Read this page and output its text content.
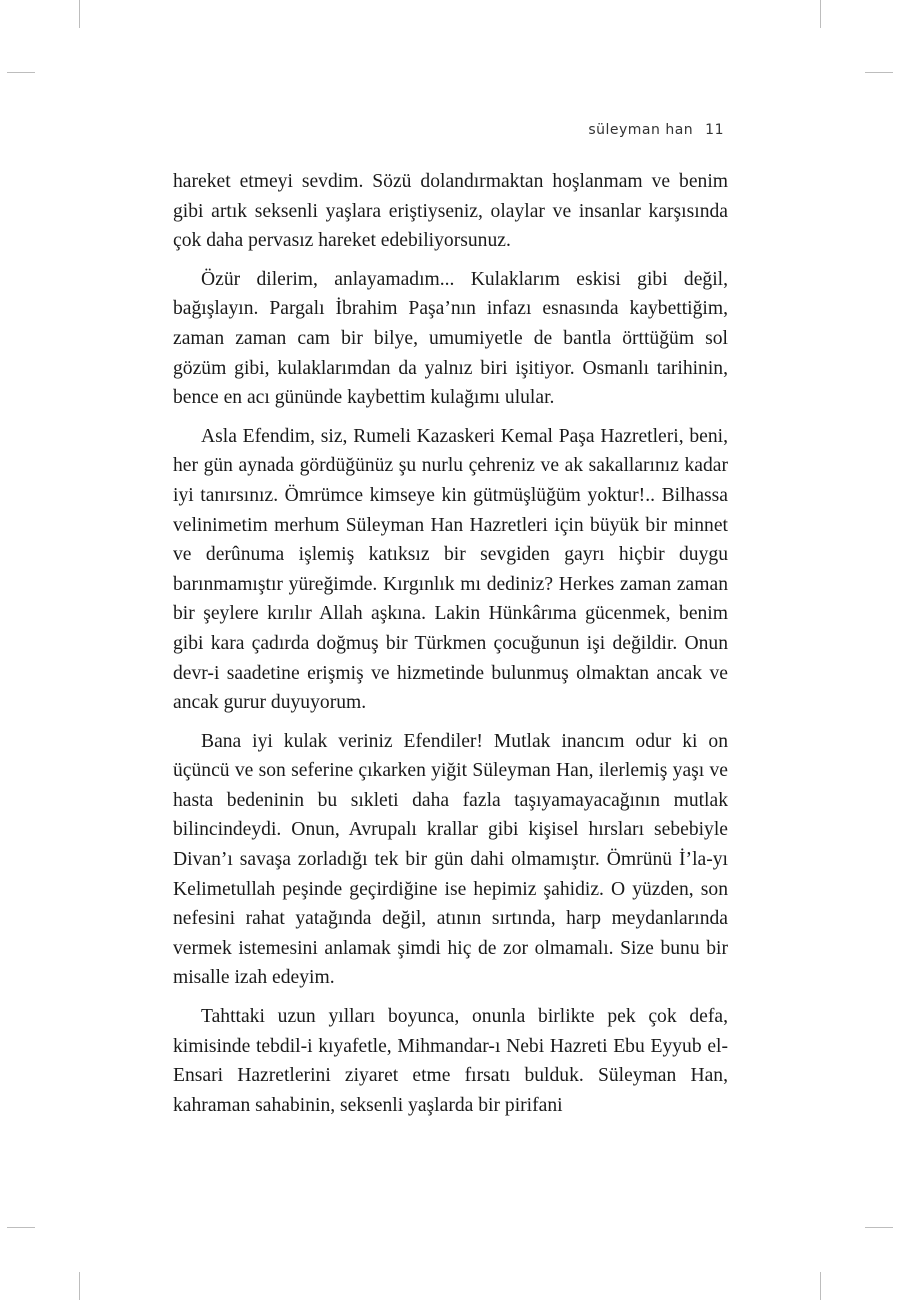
süleyman han 11

hareket etmeyi sevdim. Sözü dolandırmaktan hoşlanmam ve benim gibi artık seksenli yaşlara eriştiyseniz, olaylar ve insanlar karşısında çok daha pervasız hareket edebiliyorsunuz.

Özür dilerim, anlayamadım... Kulaklarım eskisi gibi değil, bağışlayın. Pargalı İbrahim Paşa’nın infazı esnasında kaybettiğim, zaman zaman cam bir bilye, umumiyetle de bantla örttüğüm sol gözüm gibi, kulaklarımdan da yalnız biri işitiyor. Osmanlı tarihinin, bence en acı gününde kaybettim kulağımı ulular.

Asla Efendim, siz, Rumeli Kazaskeri Kemal Paşa Hazretleri, beni, her gün aynada gördüğünüz şu nurlu çehreniz ve ak sakallarınız kadar iyi tanırsınız. Ömrümce kimseye kin gütmüşlüğüm yoktur!.. Bilhassa velinimetim merhum Süleyman Han Hazretleri için büyük bir minnet ve derûnuma işlemiş katıksız bir sevgiden gayrı hiçbir duygu barınmamıştır yüreğimde. Kırgınlık mı dediniz? Herkes zaman zaman bir şeylere kırılır Allah aşkına. Lakin Hünkârıma gücenmek, benim gibi kara çadırda doğmuş bir Türkmen çocuğunun işi değildir. Onun devr-i saadetine erişmiş ve hizmetinde bulunmuş olmaktan ancak ve ancak gurur duyuyorum.

Bana iyi kulak veriniz Efendiler! Mutlak inancım odur ki on üçüncü ve son seferine çıkarken yiğit Süleyman Han, ilerlemiş yaşı ve hasta bedeninin bu sıkleti daha fazla taşıyamayacağının mutlak bilincindeydi. Onun, Avrupalı krallar gibi kişisel hırsları sebebiyle Divan’ı savaşa zorladığı tek bir gün dahi olmamıştır. Ömrünü İ’la-yı Kelimetullah peşinde geçirdiğine ise hepimiz şahidiz. O yüzden, son nefesini rahat yatağında değil, atının sırtında, harp meydanlarında vermek istemesini anlamak şimdi hiç de zor olmamalı. Size bunu bir misalle izah edeyim.

Tahttaki uzun yılları boyunca, onunla birlikte pek çok defa, kimisinde tebdil-i kıyafetle, Mihmandar-ı Nebi Hazreti Ebu Eyyub el-Ensari Hazretlerini ziyaret etme fırsatı bulduk. Süleyman Han, kahraman sahabinin, seksenli yaşlarda bir pirifani
